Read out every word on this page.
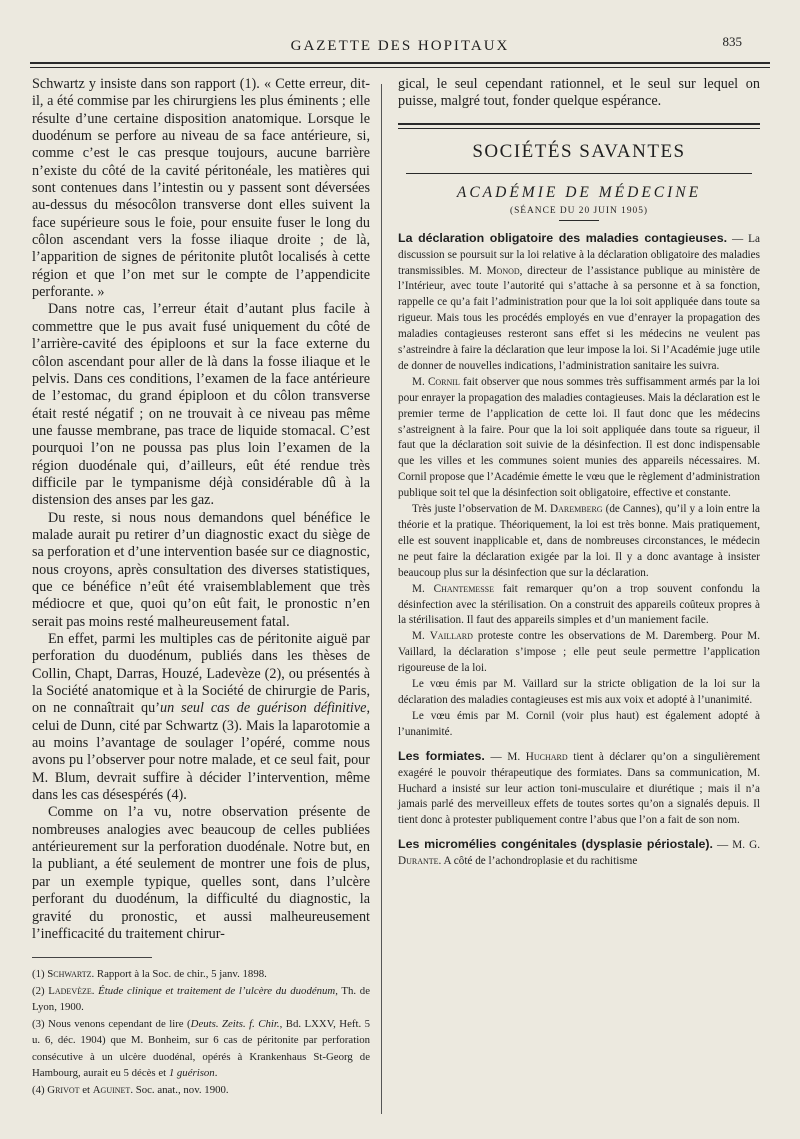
GAZETTE DES HOPITAUX	835

Schwartz y insiste dans son rapport (1). « Cette erreur, dit-il, a été commise par les chirurgiens les plus éminents ; elle résulte d’une certaine disposition anatomique. Lorsque le duodénum se perfore au niveau de sa face antérieure, si, comme c’est le cas presque toujours, aucune barrière n’existe du côté de la cavité péritonéale, les matières qui sont contenues dans l’intestin ou y passent sont déversées au-dessus du mésocôlon transverse dont elles suivent la face supérieure sous le foie, pour ensuite fuser le long du côlon ascendant vers la fosse iliaque droite ; de là, l’apparition de signes de péritonite plutôt localisés à cette région et que l’on met sur le compte de l’appendicite perforante. »

Dans notre cas, l’erreur était d’autant plus facile à commettre que le pus avait fusé uniquement du côté de l’arrière-cavité des épiploons et sur la face externe du côlon ascendant pour aller de là dans la fosse iliaque et le pelvis. Dans ces conditions, l’examen de la face antérieure de l’estomac, du grand épiploon et du côlon transverse était resté négatif ; on ne trouvait à ce niveau pas même une fausse membrane, pas trace de liquide stomacal. C’est pourquoi l’on ne poussa pas plus loin l’examen de la région duodénale qui, d’ailleurs, eût été rendue très difficile par le tympanisme déjà considérable dû à la distension des anses par les gaz.

Du reste, si nous nous demandons quel bénéfice le malade aurait pu retirer d’un diagnostic exact du siège de sa perforation et d’une intervention basée sur ce diagnostic, nous croyons, après consultation des diverses statistiques, que ce bénéfice n’eût été vraisemblablement que très médiocre et que, quoi qu’on eût fait, le pronostic n’en serait pas moins resté malheureusement fatal.

En effet, parmi les multiples cas de péritonite aiguë par perforation du duodénum, publiés dans les thèses de Collin, Chapt, Darras, Houzé, Ladevèze (2), ou présentés à la Société anatomique et à la Société de chirurgie de Paris, on ne connaîtrait qu’un seul cas de guérison définitive, celui de Dunn, cité par Schwartz (3). Mais la laparotomie a au moins l’avantage de soulager l’opéré, comme nous avons pu l’observer pour notre malade, et ce seul fait, pour M. Blum, devrait suffire à décider l’intervention, même dans les cas désespérés (4).

Comme on l’a vu, notre observation présente de nombreuses analogies avec beaucoup de celles publiées antérieurement sur la perforation duodénale. Notre but, en la publiant, a été seulement de montrer une fois de plus, par un exemple typique, quelles sont, dans l’ulcère perforant du duodénum, la difficulté du diagnostic, la gravité du pronostic, et aussi malheureusement l’inefficacité du traitement chirur-

(1) Schwartz. Rapport à la Soc. de chir., 5 janv. 1898.

(2) Ladevèze. Étude clinique et traitement de l’ulcère du duodénum, Th. de Lyon, 1900.

(3) Nous venons cependant de lire (Deuts. Zeits. f. Chir., Bd. LXXV, Heft. 5 u. 6, déc. 1904) que M. Bonheim, sur 6 cas de péritonite par perforation consécutive à un ulcère duodénal, opérés à Krankenhaus St-Georg de Hambourg, aurait eu 5 décès et 1 guérison.

(4) Grivot et Aguinet. Soc. anat., nov. 1900.

gical, le seul cependant rationnel, et le seul sur lequel on puisse, malgré tout, fonder quelque espérance.

SOCIÉTÉS SAVANTES
ACADÉMIE DE MÉDECINE
(SÉANCE DU 20 JUIN 1905)

La déclaration obligatoire des maladies contagieuses. — La discussion se poursuit sur la loi relative à la déclaration obligatoire des maladies transmissibles. M. Monod, directeur de l’assistance publique au ministère de l’Intérieur, avec toute l’autorité qui s’attache à sa personne et à sa fonction, rappelle ce qu’a fait l’administration pour que la loi soit appliquée dans toute sa rigueur. Mais tous les procédés employés en vue d’enrayer la propagation des maladies contagieuses resteront sans effet si les médecins ne veulent pas s’astreindre à faire la déclaration que leur impose la loi. Si l’Académie juge utile de donner de nouvelles indications, l’administration sanitaire les suivra.

M. Cornil fait observer que nous sommes très suffisamment armés par la loi pour enrayer la propagation des maladies contagieuses. Mais la déclaration est le premier terme de l’application de cette loi. Il faut donc que les médecins s’astreignent à la faire. Pour que la loi soit appliquée dans toute sa rigueur, il faut que la déclaration soit suivie de la désinfection. Il est donc indispensable que les villes et les communes soient munies des appareils nécessaires. M. Cornil propose que l’Académie émette le vœu que le règlement d’administration publique soit tel que la désinfection soit obligatoire, effective et constante.

Très juste l’observation de M. Daremberg (de Cannes), qu’il y a loin entre la théorie et la pratique. Théoriquement, la loi est très bonne. Mais pratiquement, elle est souvent inapplicable et, dans de nombreuses circonstances, le médecin ne peut faire la déclaration exigée par la loi. Il y a donc avantage à insister beaucoup plus sur la désinfection que sur la déclaration.

M. Chantemesse fait remarquer qu’on a trop souvent confondu la désinfection avec la stérilisation. On a construit des appareils coûteux propres à la stérilisation. Il faut des appareils simples et d’un maniement facile.

M. Vaillard proteste contre les observations de M. Daremberg. Pour M. Vaillard, la déclaration s’impose ; elle peut seule permettre l’application rigoureuse de la loi.

Le vœu émis par M. Vaillard sur la stricte obligation de la loi sur la déclaration des maladies contagieuses est mis aux voix et adopté à l’unanimité.

Le vœu émis par M. Cornil (voir plus haut) est également adopté à l’unanimité.

Les formiates. — M. Huchard tient à déclarer qu’on a singulièrement exagéré le pouvoir thérapeutique des formiates. Dans sa communication, M. Huchard a insisté sur leur action toni-musculaire et diurétique ; mais il n’a jamais parlé des merveilleux effets de toutes sortes qu’on a signalés depuis. Il tient donc à protester publiquement contre l’abus que l’on a fait de son nom.

Les micromélies congénitales (dysplasie périostale). — M. G. Durante. A côté de l’achondroplasie et du rachitisme
